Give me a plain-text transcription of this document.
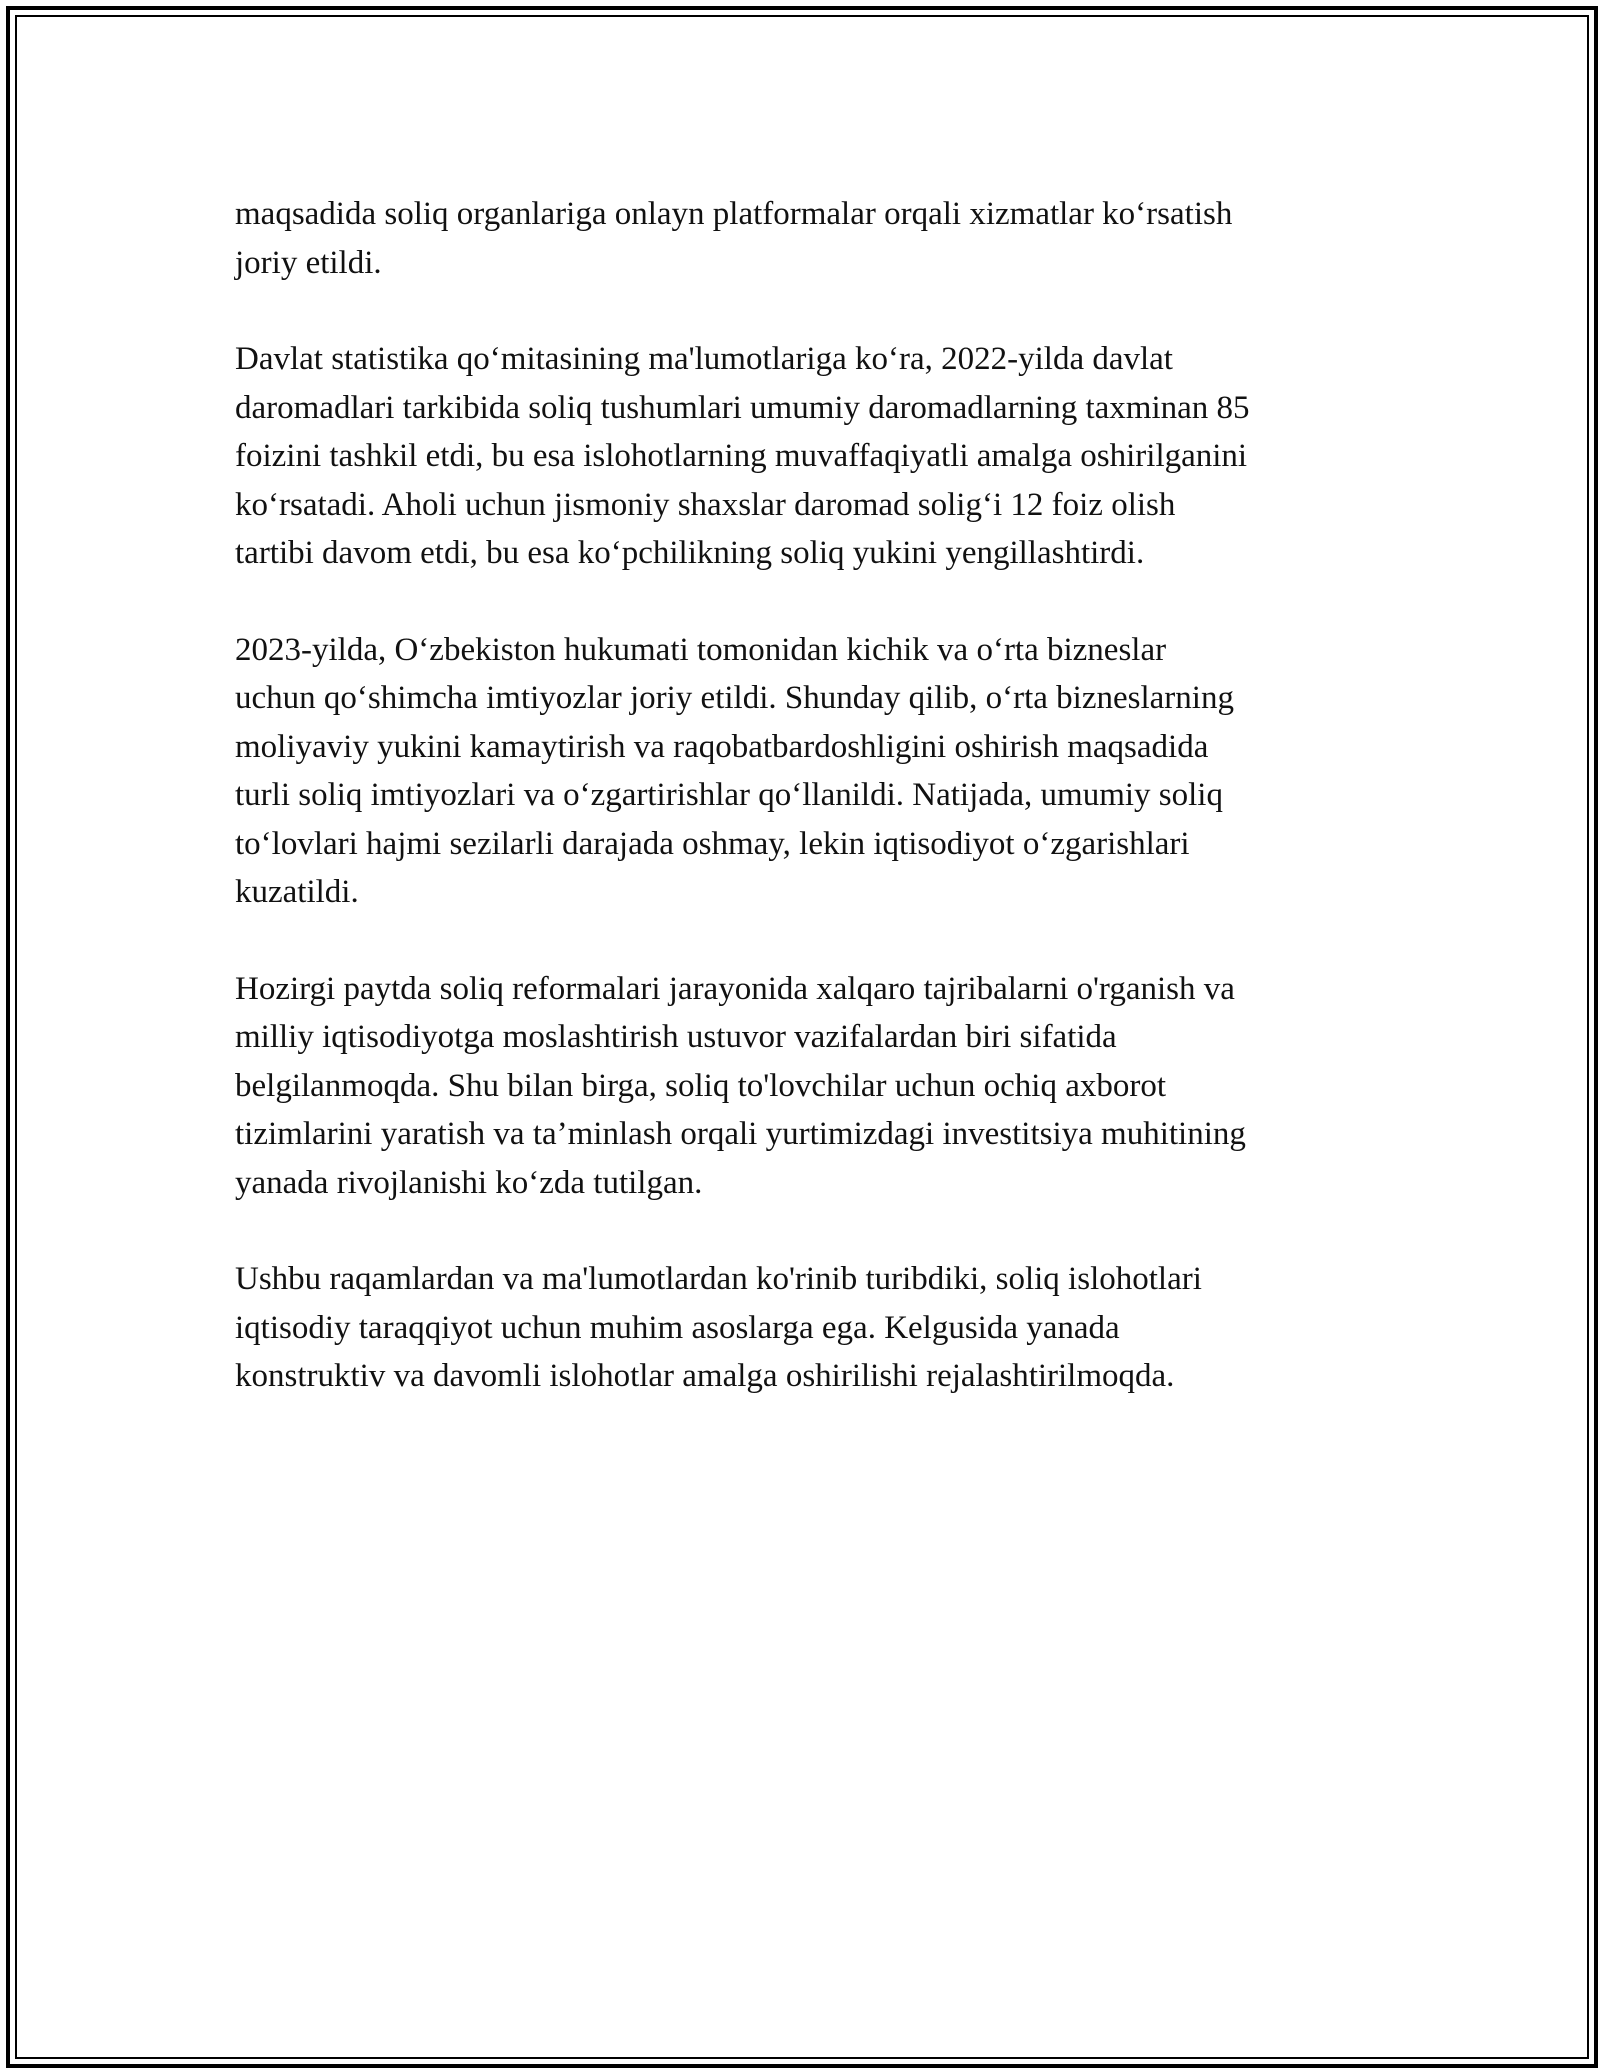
maqsadida soliq organlariga onlayn platformalar orqali xizmatlar ko‘rsatish
joriy etildi.

Davlat statistika qo‘mitasining ma'lumotlariga ko‘ra, 2022-yilda davlat
daromadlari tarkibida soliq tushumlari umumiy daromadlarning taxminan 85
foizini tashkil etdi, bu esa islohotlarning muvaffaqiyatli amalga oshirilganini
ko‘rsatadi. Aholi uchun jismoniy shaxslar daromad solig‘i 12 foiz olish
tartibi davom etdi, bu esa ko‘pchilikning soliq yukini yengillashtirdi.

2023-yilda, O‘zbekiston hukumati tomonidan kichik va o‘rta bizneslar
uchun qo‘shimcha imtiyozlar joriy etildi. Shunday qilib, o‘rta bizneslarning
moliyaviy yukini kamaytirish va raqobatbardoshligini oshirish maqsadida
turli soliq imtiyozlari va o‘zgartirishlar qo‘llanildi. Natijada, umumiy soliq
to‘lovlari hajmi sezilarli darajada oshmay, lekin iqtisodiyot o‘zgarishlari
kuzatildi.

Hozirgi paytda soliq reformalari jarayonida xalqaro tajribalarni o'rganish va
milliy iqtisodiyotga moslashtirish ustuvor vazifalardan biri sifatida
belgilanmoqda. Shu bilan birga, soliq to'lovchilar uchun ochiq axborot
tizimlarini yaratish va ta’minlash orqali yurtimizdagi investitsiya muhitining
yanada rivojlanishi ko‘zda tutilgan.

Ushbu raqamlardan va ma'lumotlardan ko'rinib turibdiki, soliq islohotlari
iqtisodiy taraqqiyot uchun muhim asoslarga ega. Kelgusida yanada
konstruktiv va davomli islohotlar amalga oshirilishi rejalashtirilmoqda.
